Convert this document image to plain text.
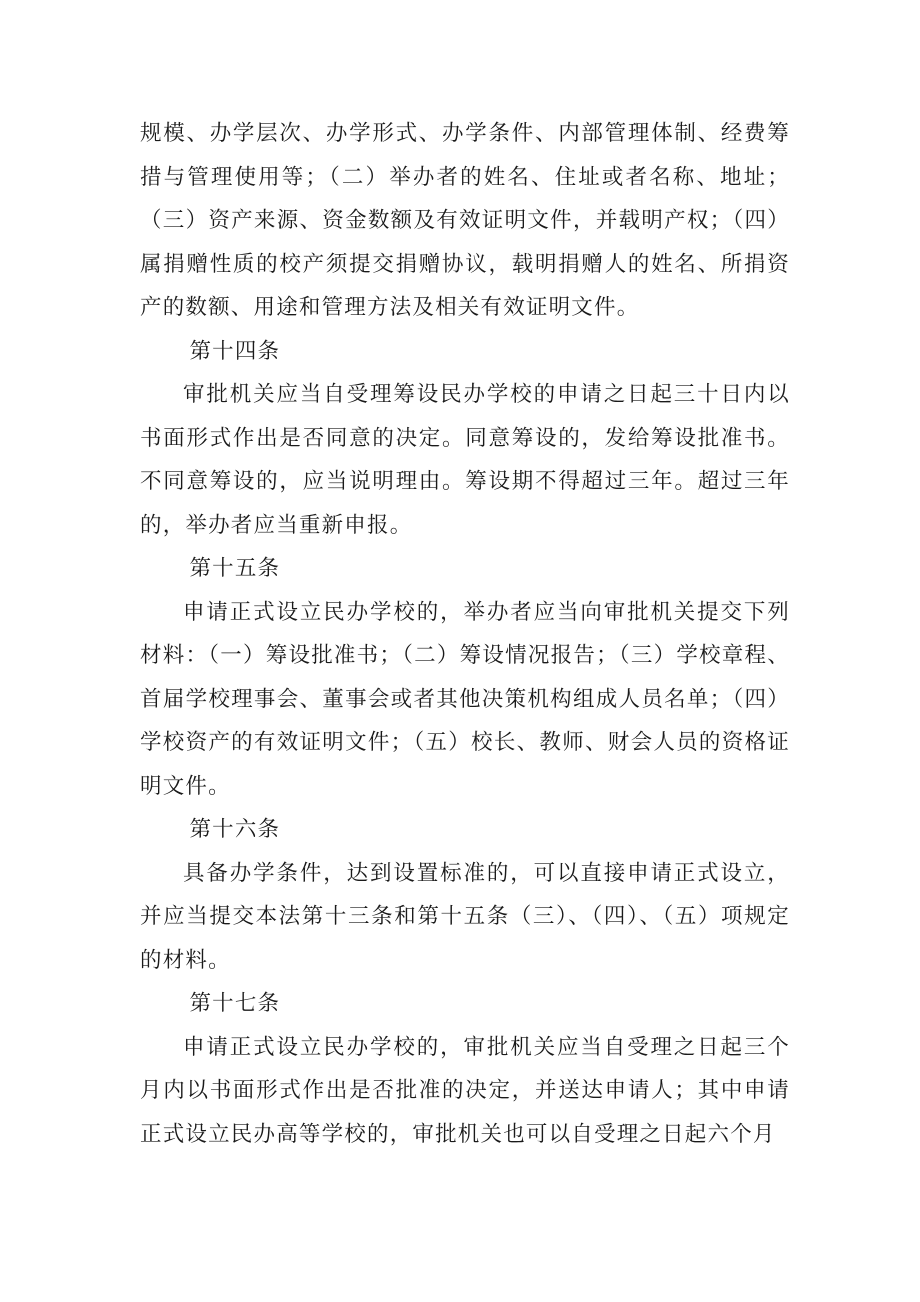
规模、办学层次、办学形式、办学条件、内部管理体制、经费筹措与管理使用等；（二）举办者的姓名、住址或者名称、地址；（三）资产来源、资金数额及有效证明文件，并载明产权；（四）属捐赠性质的校产须提交捐赠协议，载明捐赠人的姓名、所捐资产的数额、用途和管理方法及相关有效证明文件。

第十四条

审批机关应当自受理筹设民办学校的申请之日起三十日内以书面形式作出是否同意的决定。同意筹设的，发给筹设批准书。不同意筹设的，应当说明理由。筹设期不得超过三年。超过三年的，举办者应当重新申报。

第十五条

申请正式设立民办学校的，举办者应当向审批机关提交下列材料：（一）筹设批准书；（二）筹设情况报告；（三）学校章程、首届学校理事会、董事会或者其他决策机构组成人员名单；（四）学校资产的有效证明文件；（五）校长、教师、财会人员的资格证明文件。

第十六条

具备办学条件，达到设置标准的，可以直接申请正式设立，并应当提交本法第十三条和第十五条（三）、（四）、（五）项规定的材料。

第十七条

申请正式设立民办学校的，审批机关应当自受理之日起三个月内以书面形式作出是否批准的决定，并送达申请人；其中申请正式设立民办高等学校的，审批机关也可以自受理之日起六个月
